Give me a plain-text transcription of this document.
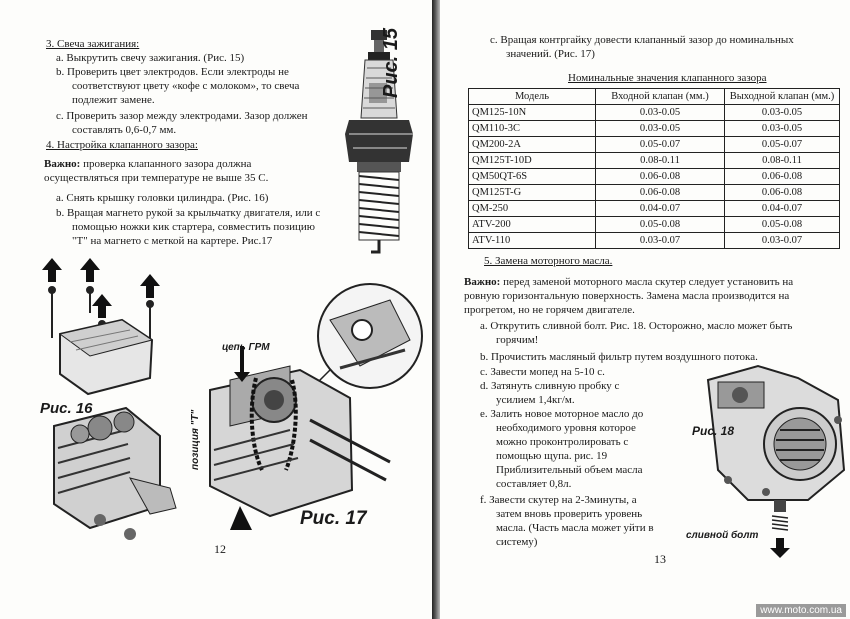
3. Свеча зажигания:
a. Выкрутить свечу зажигания. (Рис. 15)
b. Проверить цвет электродов. Если электроды не
соответствуют цвету «кофе с молоком», то свеча
подлежит замене.
c. Проверить зазор между электродами. Зазор должен
составлять 0,6-0,7 мм.
4. Настройка клапанного зазора:
Важно: проверка клапанного зазора должна
осуществляться при температуре не выше 35 С.
a. Снять крышку головки цилиндра. (Рис. 16)
b. Вращая магнето рукой за крыльчатку двигателя, или с
помощью ножки кик стартера, совместить позицию
"T" на магнето с меткой на картере. Рис.17
Рис. 15
Рис. 16
цепь ГРМ
позиция "T"
Рис. 17
12
c. Вращая контргайку довести клапанный зазор до номинальных
значений. (Рис. 17)
Номинальные значения клапанного зазора
Модель	Входной клапан (мм.)	Выходной клапан (мм.)
QM125-10N	0.03-0.05	0.03-0.05
QM110-3C	0.03-0.05	0.03-0.05
QM200-2A	0.05-0.07	0.05-0.07
QM125T-10D	0.08-0.11	0.08-0.11
QM50QT-6S	0.06-0.08	0.06-0.08
QM125T-G	0.06-0.08	0.06-0.08
QM-250	0.04-0.07	0.04-0.07
ATV-200	0.05-0.08	0.05-0.08
ATV-110	0.03-0.07	0.03-0.07
5. Замена моторного масла.
Важно: перед заменой моторного масла скутер следует установить на
ровную горизонтальную поверхность. Замена масла производится на
прогретом, но не горячем двигателе.
a. Открутить сливной болт. Рис. 18. Осторожно, масло может быть
горячим!
b. Прочистить масляный фильтр путем воздушного потока.
c. Завести мопед на 5-10 с.
d. Затянуть сливную пробку с
усилием 1,4кг/м.
e. Залить новое моторное масло до
необходимого уровня которое
можно проконтролировать с
помощью щупа. рис. 19
Приблизительный объем масла
составляет 0,8л.
f. Завести скутер на 2-3минуты, а
затем вновь проверить уровень
масла. (Часть масла может уйти в
систему)
Рис. 18
сливной болт
13
www.moto.com.ua
